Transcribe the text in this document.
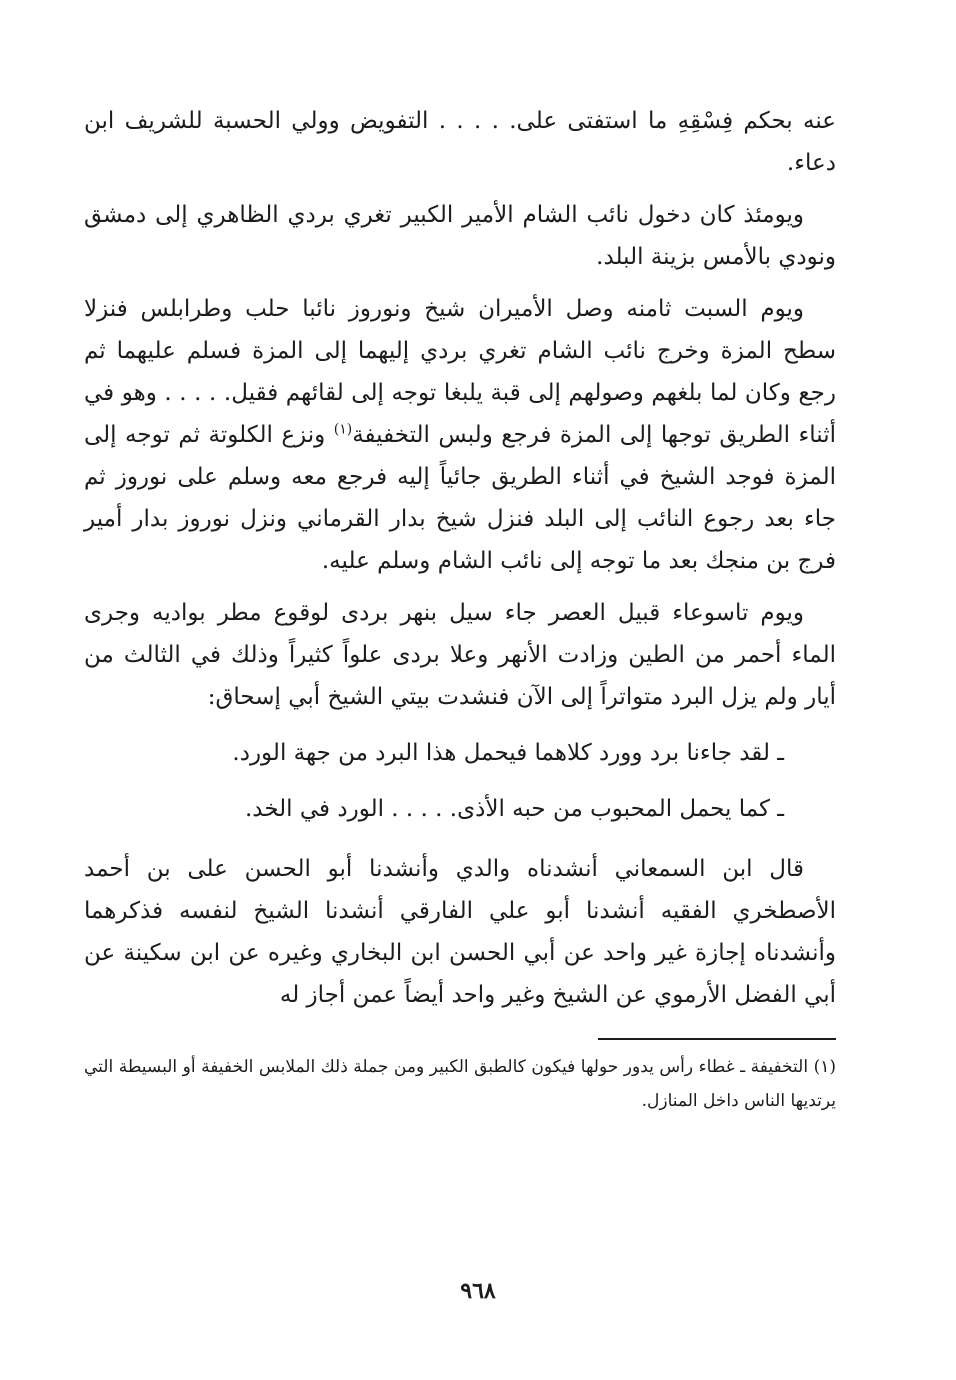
عنه بحكم فِسْقِهِ ما استفتى على. . . . . التفويض وولي الحسبة للشريف ابن دعاء.

ويومئذ كان دخول نائب الشام الأمير الكبير تغري بردي الظاهري إلى دمشق ونودي بالأمس بزينة البلد.

ويوم السبت ثامنه وصل الأميران شيخ ونوروز نائبا حلب وطرابلس فنزلا سطح المزة وخرج نائب الشام تغري بردي إليهما إلى المزة فسلم عليهما ثم رجع وكان لما بلغهم وصولهم إلى قبة يلبغا توجه إلى لقائهم فقيل. . . . . وهو في أثناء الطريق توجها إلى المزة فرجع ولبس التخفيفة$^{(١)}$ ونزع الكلوتة ثم توجه إلى المزة فوجد الشيخ في أثناء الطريق جائياً إليه فرجع معه وسلم على نوروز ثم جاء بعد رجوع النائب إلى البلد فنزل شيخ بدار القرماني ونزل نوروز بدار أمير فرج بن منجك بعد ما توجه إلى نائب الشام وسلم عليه.

ويوم تاسوعاء قبيل العصر جاء سيل بنهر بردى لوقوع مطر بواديه وجرى الماء أحمر من الطين وزادت الأنهر وعلا بردى علواً كثيراً وذلك في الثالث من أيار ولم يزل البرد متواتراً إلى الآن فنشدت بيتي الشيخ أبي إسحاق:

ـ لقد جاءنا برد وورد كلاهما فيحمل هذا البرد من جهة الورد.

ـ كما يحمل المحبوب من حبه الأذى. . . . . الورد في الخد.

قال ابن السمعاني أنشدناه والدي وأنشدنا أبو الحسن على بن أحمد الأصطخري الفقيه أنشدنا أبو علي الفارقي أنشدنا الشيخ لنفسه فذكرهما وأنشدناه إجازة غير واحد عن أبي الحسن ابن البخاري وغيره عن ابن سكينة عن أبي الفضل الأرموي عن الشيخ وغير واحد أيضاً عمن أجاز له

(١) التخفيفة ـ غطاء رأس يدور حولها فيكون كالطبق الكبير ومن جملة ذلك الملابس الخفيفة أو البسيطة التي يرتديها الناس داخل المنازل.

٩٦٨
